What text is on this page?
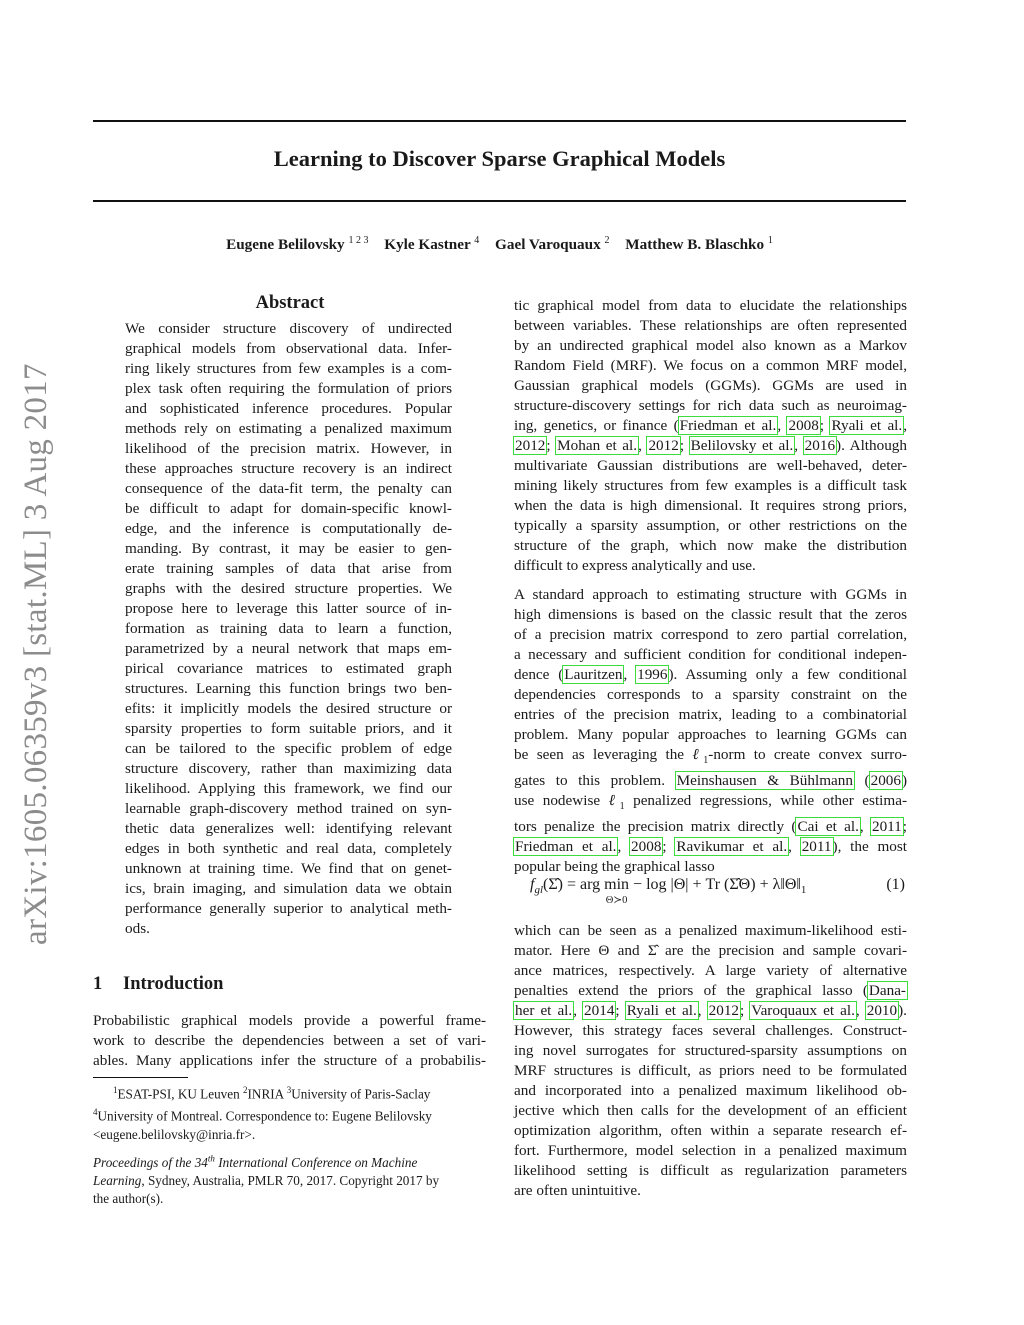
Learning to Discover Sparse Graphical Models
Eugene Belilovsky $^{1 2 3}$ Kyle Kastner $^4$ Gael Varoquaux $^2$ Matthew B. Blaschko $^1$
arXiv:1605.06359v3 [stat.ML] 3 Aug 2017
Abstract
We consider structure discovery of undirected
graphical models from observational data. Infer-
ring likely structures from few examples is a com-
plex task often requiring the formulation of priors
and sophisticated inference procedures. Popular
methods rely on estimating a penalized maximum
likelihood of the precision matrix. However, in
these approaches structure recovery is an indirect
consequence of the data-fit term, the penalty can
be difficult to adapt for domain-specific knowl-
edge, and the inference is computationally de-
manding. By contrast, it may be easier to gen-
erate training samples of data that arise from
graphs with the desired structure properties. We
propose here to leverage this latter source of in-
formation as training data to learn a function,
parametrized by a neural network that maps em-
pirical covariance matrices to estimated graph
structures. Learning this function brings two ben-
efits: it implicitly models the desired structure or
sparsity properties to form suitable priors, and it
can be tailored to the specific problem of edge
structure discovery, rather than maximizing data
likelihood. Applying this framework, we find our
learnable graph-discovery method trained on syn-
thetic data generalizes well: identifying relevant
edges in both synthetic and real data, completely
unknown at training time. We find that on genet-
ics, brain imaging, and simulation data we obtain
performance generally superior to analytical meth-
ods.
1 Introduction
Probabilistic graphical models provide a powerful frame-
work to describe the dependencies between a set of vari-
ables. Many applications infer the structure of a probabilis-
$^1$ESAT-PSI, KU Leuven $^2$INRIA $^3$University of Paris-Saclay
$^4$University of Montreal. Correspondence to: Eugene Belilovsky
<eugene.belilovsky@inria.fr>.
Proceedings of the 34th International Conference on Machine
Learning, Sydney, Australia, PMLR 70, 2017. Copyright 2017 by
the author(s).
tic graphical model from data to elucidate the relationships
between variables. These relationships are often represented
by an undirected graphical model also known as a Markov
Random Field (MRF). We focus on a common MRF model,
Gaussian graphical models (GGMs). GGMs are used in
structure-discovery settings for rich data such as neuroimag-
ing, genetics, or finance (Friedman et al., 2008; Ryali et al.,
2012; Mohan et al., 2012; Belilovsky et al., 2016). Although
multivariate Gaussian distributions are well-behaved, deter-
mining likely structures from few examples is a difficult task
when the data is high dimensional. It requires strong priors,
typically a sparsity assumption, or other restrictions on the
structure of the graph, which now make the distribution
difficult to express analytically and use.
A standard approach to estimating structure with GGMs in
high dimensions is based on the classic result that the zeros
of a precision matrix correspond to zero partial correlation,
a necessary and sufficient condition for conditional indepen-
dence (Lauritzen, 1996). Assuming only a few conditional
dependencies corresponds to a sparsity constraint on the
entries of the precision matrix, leading to a combinatorial
problem. Many popular approaches to learning GGMs can
be seen as leveraging the ℓ$_1$-norm to create convex surro-
gates to this problem. Meinshausen & Bühlmann (2006)
use nodewise ℓ$_1$ penalized regressions, while other estima-
tors penalize the precision matrix directly (Cai et al., 2011;
Friedman et al., 2008; Ravikumar et al., 2011), the most
popular being the graphical lasso
$f_{gl}(\Sigmâ)$ = arg min
Θ≻0
− log |Θ| + Tr (Σ̂Θ) + $\lambda‖\Theta‖_1$	(1)
which can be seen as a penalized maximum-likelihood esti-
mator. Here Θ and Σ̂ are the precision and sample covari-
ance matrices, respectively. A large variety of alternative
penalties extend the priors of the graphical lasso (Dana-
her et al., 2014; Ryali et al., 2012; Varoquaux et al., 2010).
However, this strategy faces several challenges. Construct-
ing novel surrogates for structured-sparsity assumptions on
MRF structures is difficult, as priors need to be formulated
and incorporated into a penalized maximum likelihood ob-
jective which then calls for the development of an efficient
optimization algorithm, often within a separate research ef-
fort. Furthermore, model selection in a penalized maximum
likelihood setting is difficult as regularization parameters
are often unintuitive.
